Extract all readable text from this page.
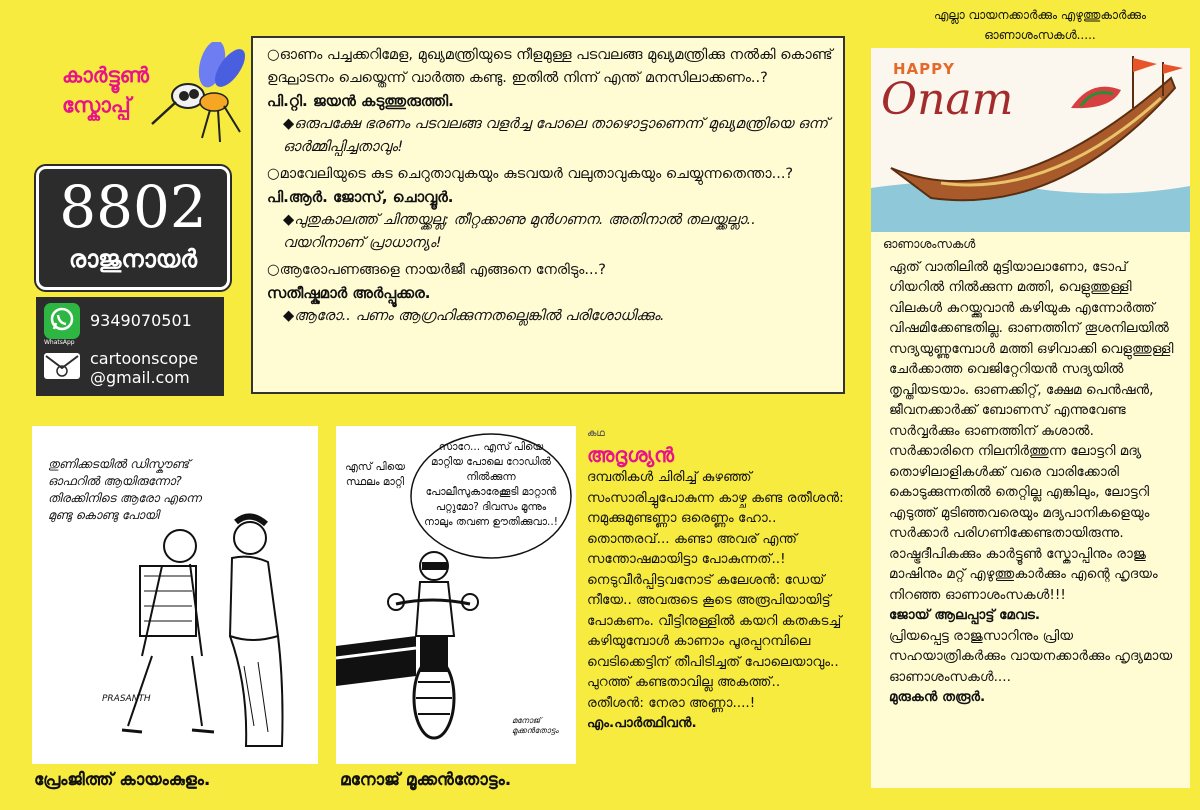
കാർട്ടൂൺ
സ്കോപ്പ്
8802
രാജുനായർ
9349070501
WhatsApp
cartoonscope
@gmail.com

○ഓണം പച്ചക്കറിമേള, മുഖ്യമന്ത്രിയുടെ നീളമുള്ള പടവലങ്ങ മുഖ്യമന്ത്രിക്കു നൽകി കൊണ്ട് ഉദ്ഘാടനം ചെയ്തെന്ന് വാർത്ത കണ്ടു. ഇതിൽ നിന്ന് എന്ത് മനസിലാക്കണം..?

പി.റ്റി. ജയൻ കടുത്തുരുത്തി.

◆ഒരുപക്ഷേ ഭരണം പടവലങ്ങ വളർച്ച പോലെ താഴൊട്ടാണെന്ന് മുഖ്യമന്ത്രിയെ ഒന്ന് ഓർമ്മിപ്പിച്ചതാവും!

○മാവേലിയുടെ കുട ചെറുതാവുകയും കുടവയർ വലുതാവുകയും ചെയ്യുന്നതെന്താ...?

പി.ആർ. ജോസ്, ചൊവ്വൂർ.

◆പുതുകാലത്ത് ചിന്തയ്ക്കല്ല; തീറ്റക്കാണു മുൻഗണന. അതിനാൽ തലയ്ക്കല്ലാ.. വയറിനാണ് പ്രാധാന്യം!

○ആരോപണങ്ങളെ നായർജീ എങ്ങനെ നേരിടും...?

സതീഷ്കുമാർ അർപ്പൂക്കര.

◆ആരോ.. പണം ആഗ്രഹിക്കുന്നതല്ലെങ്കിൽ പരിശോധിക്കും.

എല്ലാ വായനക്കാർക്കും എഴുത്തുകാർക്കും
ഓണാശംസകൾ.....
HAPPY
Onam

ഓണാശംസകൾ

ഏത് വാതിലിൽ മുട്ടിയാലാണോ, ടോപ് ഗിയറിൽ നിൽക്കുന്ന മത്തി, വെളുത്തുള്ളി വിലകൾ കുറയ്ക്കുവാൻ കഴിയുക എന്നോർത്ത് വിഷമിക്കേണ്ടതില്ല. ഓണത്തിന് തൂശനിലയിൽ സദ്യയുണ്ണുമ്പോൾ മത്തി ഒഴിവാക്കി വെളുത്തുള്ളി ചേർക്കാത്ത വെജിറ്റേറിയൻ സദ്യയിൽ തൃപ്തിയടയാം. ഓണക്കിറ്റ്, ക്ഷേമ പെൻഷൻ, ജീവനക്കാർക്ക് ബോണസ് എന്നുവേണ്ട സർവ്വർക്കും ഓണത്തിന് കുശാൽ. സർക്കാരിനെ നിലനിർത്തുന്ന ലോട്ടറി മദ്യ തൊഴിലാളികൾക്ക് വരെ വാരിക്കോരി കൊടുക്കുന്നതിൽ തെറ്റില്ല എങ്കിലും, ലോട്ടറി എടുത്ത് മുടിഞ്ഞവരെയും മദ്യപാനികളെയും സർക്കാർ പരിഗണിക്കേണ്ടതായിരുന്നു. രാഷ്ട്രദീപികക്കും കാർട്ടൂൺ സ്കോപ്പിനും രാജു മാഷിനും മറ്റ് എഴുത്തുകാർക്കും എന്റെ ഹൃദയം നിറഞ്ഞ ഓണാശംസകൾ!!!

ജോയ് ആലപ്പാട്ട് മേവട.

പ്രിയപ്പെട്ട രാജുസാറിനും പ്രിയ സഹയാത്രികർക്കും വായനക്കാർക്കും ഹൃദ്യമായ ഓണാശംസകൾ....

മുരുകൻ തരൂർ.

തുണിക്കടയിൽ ഡിസ്കൗണ്ട് ഓഫറിൽ ആയിരുന്നോ? തിരക്കിനിടെ ആരോ എന്നെ മുണ്ടു കൊണ്ടു പോയി
PRASANTH
പ്രേംജിത്ത് കായംകുളം.
എസ് പിയെ സ്ഥലം മാറ്റി
സാറേ... എസ് പിയെ മാറ്റിയ പോലെ റോഡിൽ നിൽക്കുന്ന പോലീസുകാരേക്കൂടി മാറ്റാൻ പറ്റുമോ? ദിവസം മൂന്നും നാലും തവണ ഊതിക്കുവാ..!
മനോജ് മൂക്കൻതോട്ടം
മനോജ് മൂക്കൻതോട്ടം.
കഥ
അദൃശ്യൻ

ദമ്പതികൾ ചിരിച്ച് കുഴഞ്ഞ് സംസാരിച്ചുപോകുന്ന കാഴ്ച കണ്ട രതീശൻ: നമുക്കുമുണ്ടണ്ണാ ഒരെണ്ണം ഹോ.. തൊന്തരവ്... കണ്ടാ അവര് എന്ത് സന്തോഷമായിട്ടാ പോകുന്നത്..!

നെടുവീർപ്പിട്ടവനോട് കലേശൻ: ഡേയ് നീയേ.. അവരുടെ കൂടെ അരൂപിയായിട്ട് പോകണം. വീട്ടിനുള്ളിൽ കയറി കതകടച്ച് കഴിയുമ്പോൾ കാണാം പൂരപ്പറമ്പിലെ വെടിക്കെട്ടിന് തീപിടിച്ചത് പോലെയാവും.. പുറത്ത് കണ്ടതാവില്ല അകത്ത്..

രതീശൻ: നേരാ അണ്ണാ....!

എം.പാർത്ഥിവൻ.
